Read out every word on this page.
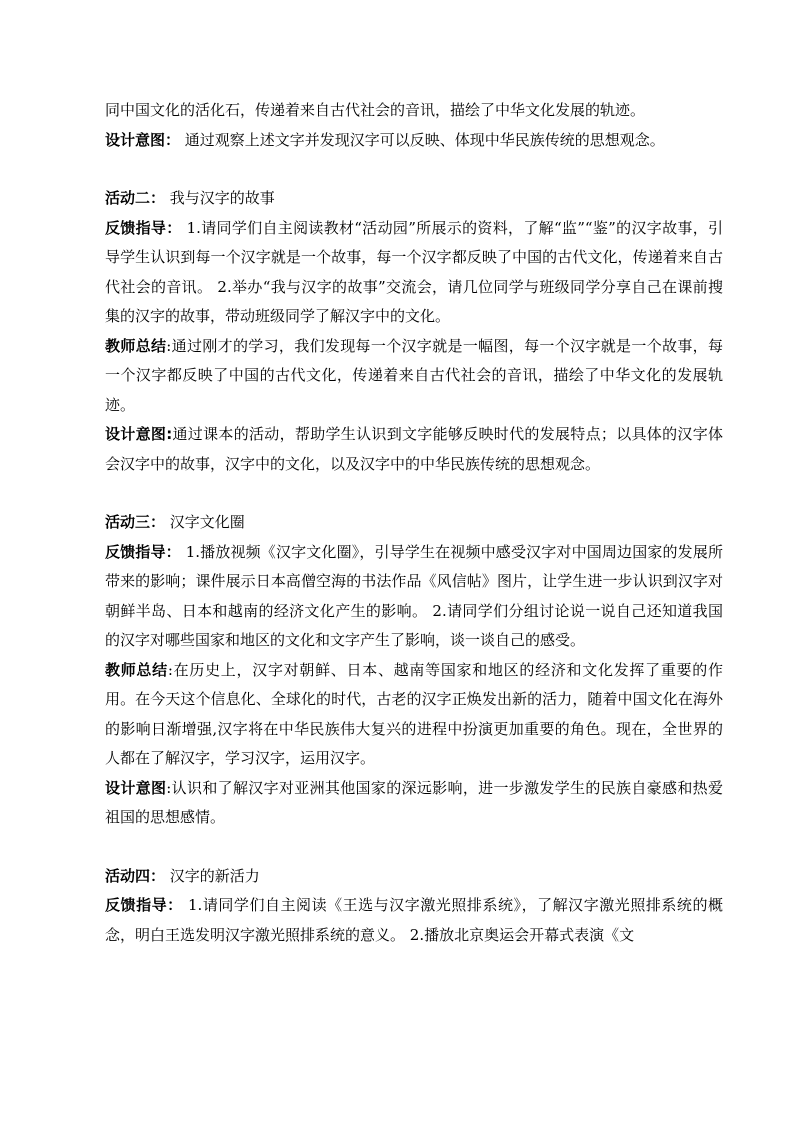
同中国文化的活化石，传递着来自古代社会的音讯，描绘了中华文化发展的轨迹。

设计意图： 通过观察上述文字并发现汉字可以反映、体现中华民族传统的思想观念。

活动二： 我与汉字的故事

反馈指导： 1.请同学们自主阅读教材“活动园”所展示的资料，了解“监”“鉴”的汉字故事，引导学生认识到每一个汉字就是一个故事，每一个汉字都反映了中国的古代文化，传递着来自古代社会的音讯。 2.举办“我与汉字的故事”交流会，请几位同学与班级同学分享自己在课前搜集的汉字的故事，带动班级同学了解汉字中的文化。

教师总结:通过刚才的学习，我们发现每一个汉字就是一幅图，每一个汉字就是一个故事，每一个汉字都反映了中国的古代文化，传递着来自古代社会的音讯，描绘了中华文化的发展轨迹。

设计意图:通过课本的活动，帮助学生认识到文字能够反映时代的发展特点；以具体的汉字体会汉字中的故事，汉字中的文化，以及汉字中的中华民族传统的思想观念。

活动三： 汉字文化圈

反馈指导： 1.播放视频《汉字文化圈》，引导学生在视频中感受汉字对中国周边国家的发展所带来的影响；课件展示日本高僧空海的书法作品《风信帖》图片，让学生进一步认识到汉字对朝鲜半岛、日本和越南的经济文化产生的影响。 2.请同学们分组讨论说一说自己还知道我国的汉字对哪些国家和地区的文化和文字产生了影响，谈一谈自己的感受。

教师总结:在历史上，汉字对朝鲜、日本、越南等国家和地区的经济和文化发挥了重要的作用。在今天这个信息化、全球化的时代，古老的汉字正焕发出新的活力，随着中国文化在海外的影响日渐增强,汉字将在中华民族伟大复兴的进程中扮演更加重要的角色。现在，全世界的人都在了解汉字，学习汉字，运用汉字。

设计意图:认识和了解汉字对亚洲其他国家的深远影响，进一步激发学生的民族自豪感和热爱祖国的思想感情。

活动四： 汉字的新活力

反馈指导： 1.请同学们自主阅读《王选与汉字激光照排系统》，了解汉字激光照排系统的概念，明白王选发明汉字激光照排系统的意义。 2.播放北京奥运会开幕式表演《文
